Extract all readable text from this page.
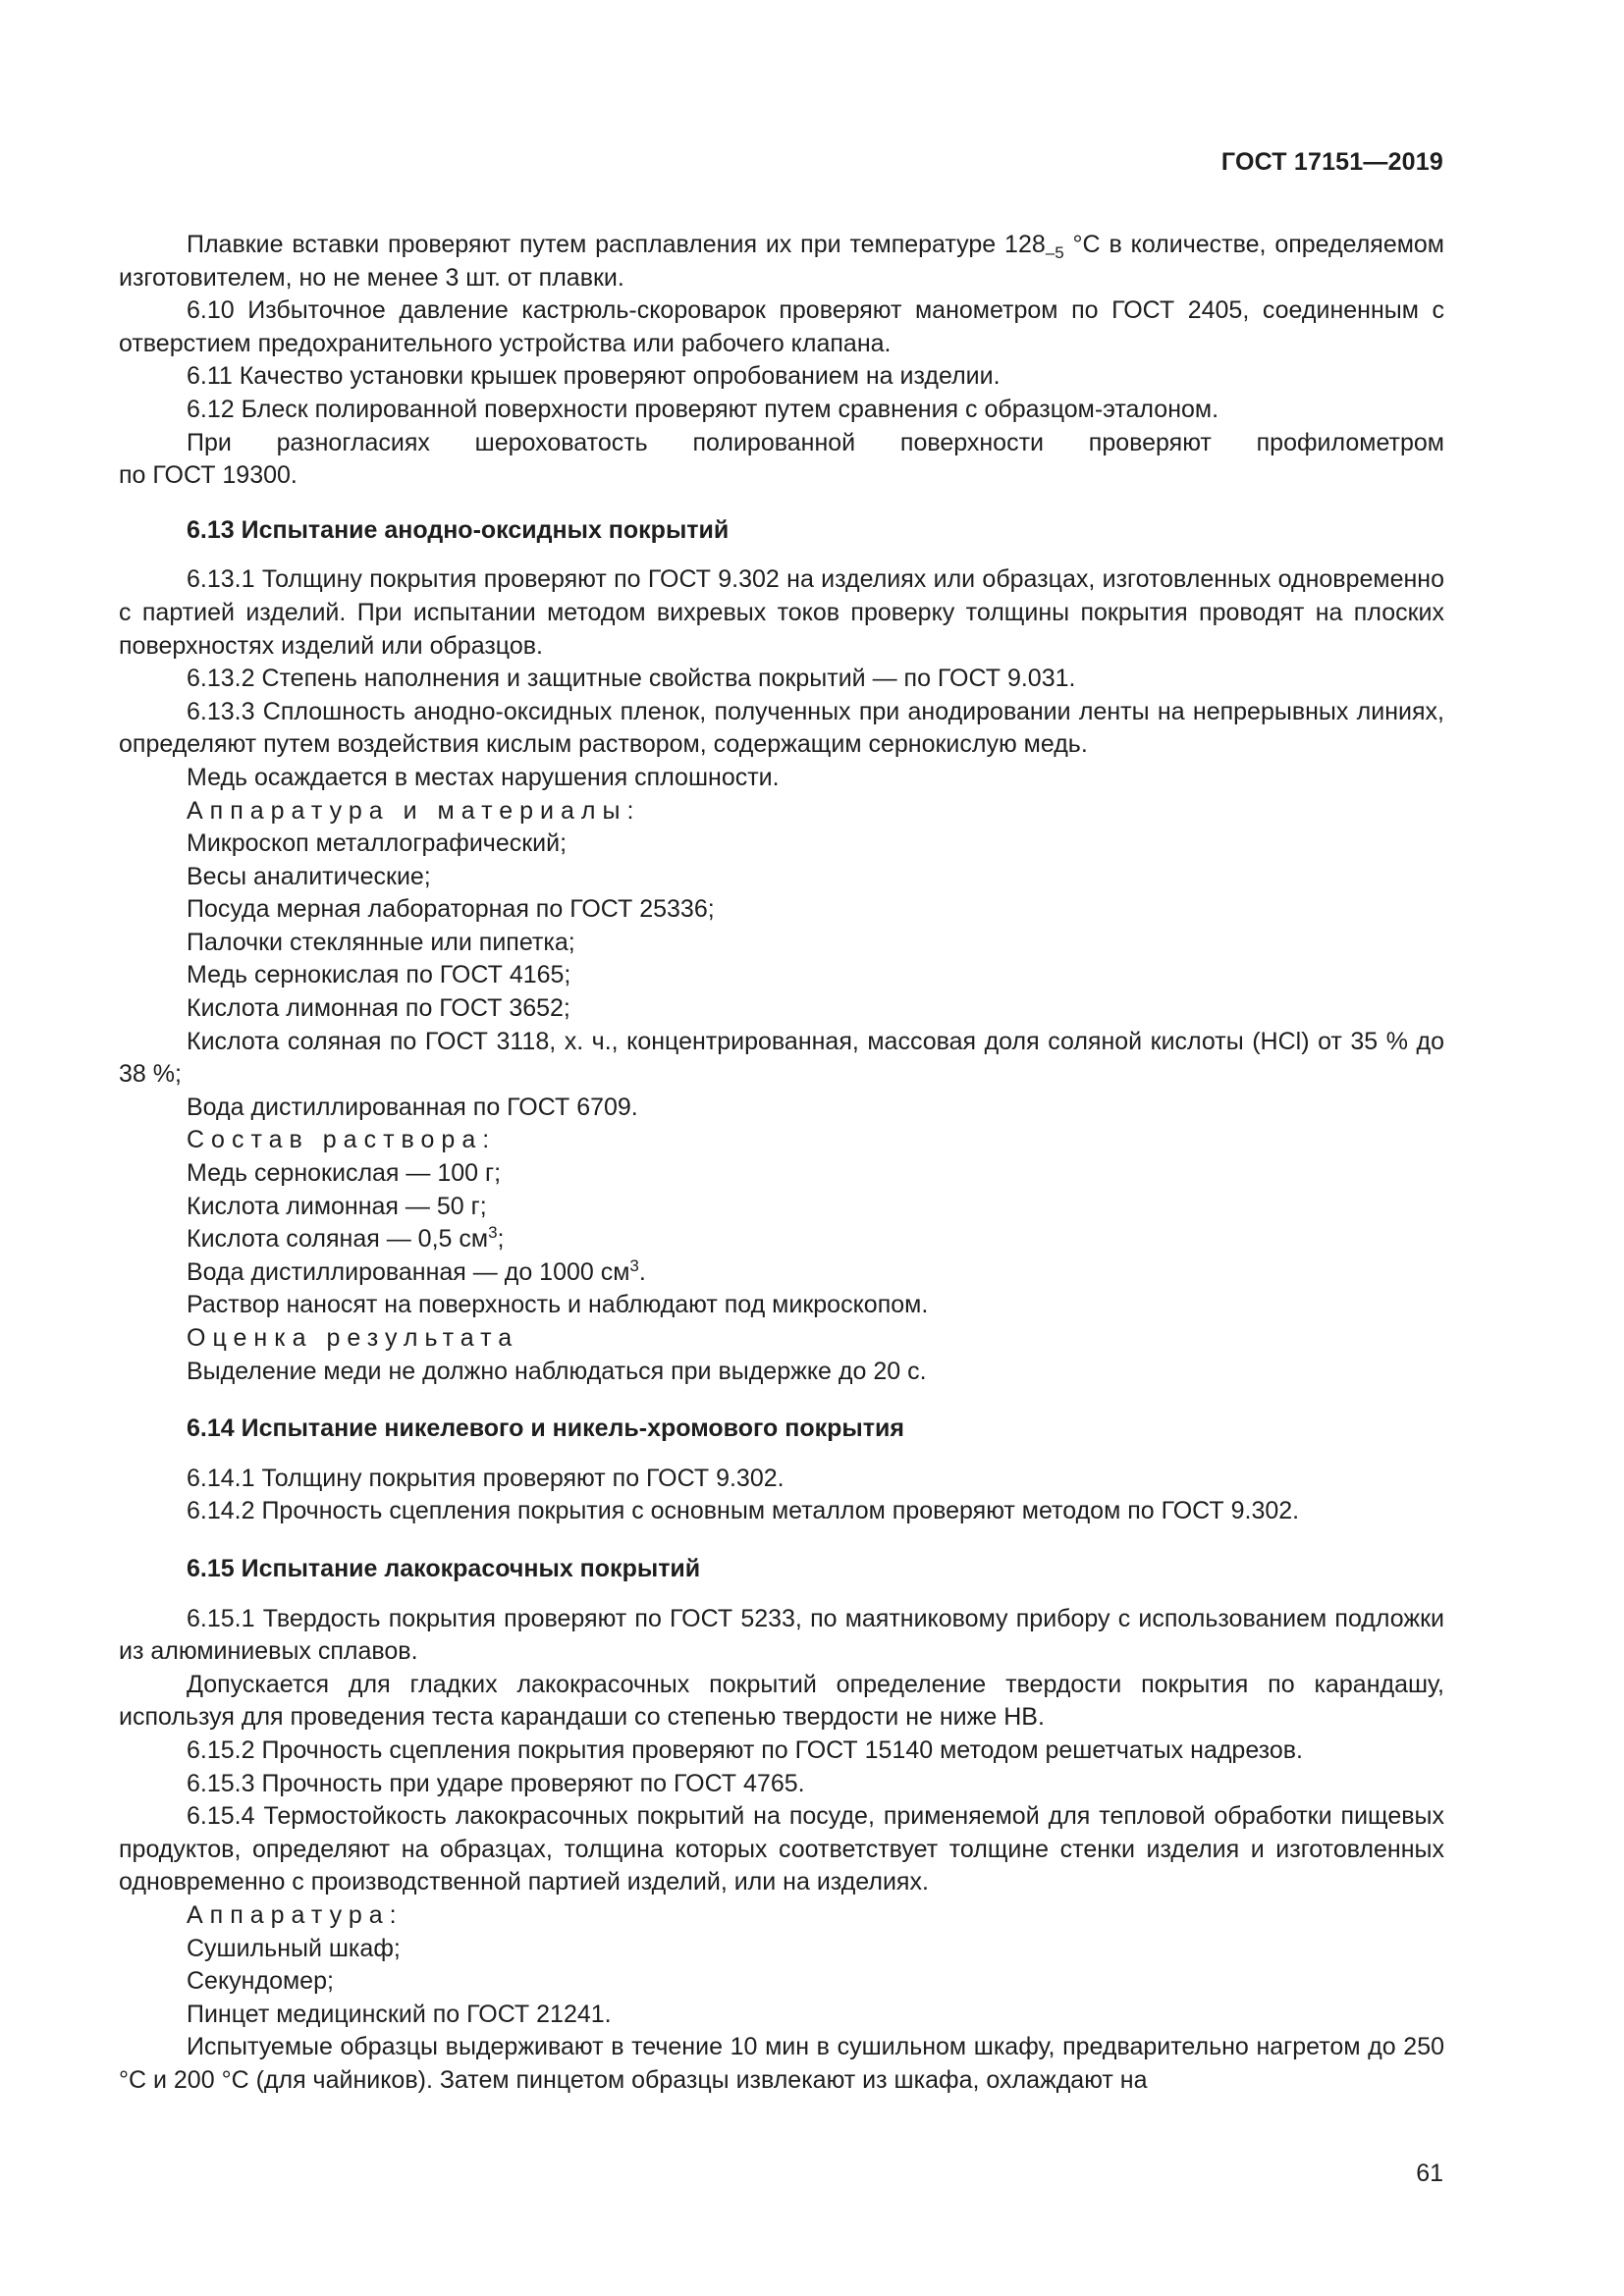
ГОСТ 17151—2019

Плавкие вставки проверяют путем расплавления их при температуре $128_{-5}$ °С в количестве, определяемом изготовителем, но не менее 3 шт. от плавки.

6.10 Избыточное давление кастрюль-скороварок проверяют манометром по ГОСТ 2405, соединенным с отверстием предохранительного устройства или рабочего клапана.

6.11 Качество установки крышек проверяют опробованием на изделии.

6.12 Блеск полированной поверхности проверяют путем сравнения с образцом-эталоном.

При разногласиях шероховатость полированной поверхности проверяют профилометром

по ГОСТ 19300.

6.13 Испытание анодно-оксидных покрытий

6.13.1 Толщину покрытия проверяют по ГОСТ 9.302 на изделиях или образцах, изготовленных одновременно с партией изделий. При испытании методом вихревых токов проверку толщины покрытия проводят на плоских поверхностях изделий или образцов.

6.13.2 Степень наполнения и защитные свойства покрытий — по ГОСТ 9.031.

6.13.3 Сплошность анодно-оксидных пленок, полученных при анодировании ленты на непрерывных линиях, определяют путем воздействия кислым раствором, содержащим сернокислую медь.

Медь осаждается в местах нарушения сплошности.

Аппаратура и материалы:

Микроскоп металлографический;

Весы аналитические;

Посуда мерная лабораторная по ГОСТ 25336;

Палочки стеклянные или пипетка;

Медь сернокислая по ГОСТ 4165;

Кислота лимонная по ГОСТ 3652;

Кислота соляная по ГОСТ 3118, х. ч., концентрированная, массовая доля соляной кислоты (HCl) от 35 % до 38 %;

Вода дистиллированная по ГОСТ 6709.

Состав раствора:

Медь сернокислая — 100 г;

Кислота лимонная — 50 г;

Кислота соляная — 0,5 $см^3$;

Вода дистиллированная — до 1000 $см^3$.

Раствор наносят на поверхность и наблюдают под микроскопом.

Оценка результата

Выделение меди не должно наблюдаться при выдержке до 20 с.

6.14 Испытание никелевого и никель-хромового покрытия

6.14.1 Толщину покрытия проверяют по ГОСТ 9.302.

6.14.2 Прочность сцепления покрытия с основным металлом проверяют методом по ГОСТ 9.302.

6.15 Испытание лакокрасочных покрытий

6.15.1 Твердость покрытия проверяют по ГОСТ 5233, по маятниковому прибору с использованием подложки из алюминиевых сплавов.

Допускается для гладких лакокрасочных покрытий определение твердости покрытия по карандашу, используя для проведения теста карандаши со степенью твердости не ниже НВ.

6.15.2 Прочность сцепления покрытия проверяют по ГОСТ 15140 методом решетчатых надрезов.

6.15.3 Прочность при ударе проверяют по ГОСТ 4765.

6.15.4 Термостойкость лакокрасочных покрытий на посуде, применяемой для тепловой обработки пищевых продуктов, определяют на образцах, толщина которых соответствует толщине стенки изделия и изготовленных одновременно с производственной партией изделий, или на изделиях.

Аппаратура:

Сушильный шкаф;

Секундомер;

Пинцет медицинский по ГОСТ 21241.

Испытуемые образцы выдерживают в течение 10 мин в сушильном шкафу, предварительно нагретом до 250 °С и 200 °С (для чайников). Затем пинцетом образцы извлекают из шкафа, охлаждают на

61
